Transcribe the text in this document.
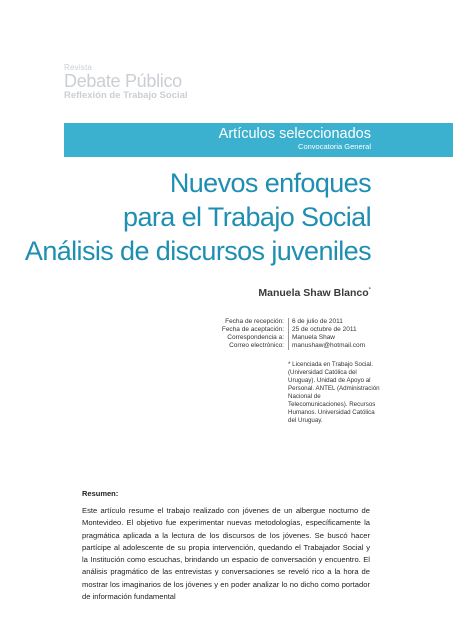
Revista
Debate Público
Reflexión de Trabajo Social
Artículos seleccionados
Convocatoria General
Nuevos enfoques
para el Trabajo Social
Análisis de discursos juveniles
Manuela Shaw Blanco*
Fecha de recepción:	6 de julio de 2011
Fecha de aceptación:	25 de octubre de 2011
Correspondencia a:	Manuela Shaw
Correo electrónico:	manushaw@hotmail.com
* Licenciada en Trabajo Social. (Universidad Católica del Uruguay). Unidad de Apoyo al Personal. ANTEL (Administración Nacional de Telecomunicaciones). Recursos Humanos. Universidad Católica del Uruguay.
Resumen:
Este artículo resume el trabajo realizado con jóvenes de un albergue nocturno de Montevideo. El objetivo fue experimentar nuevas metodologías, específicamente la pragmática aplicada a la lectura de los discursos de los jóvenes. Se buscó hacer partícipe al adolescente de su propia intervención, quedando el Trabajador Social y la Institución como escuchas, brindando un espacio de conversación y encuentro. El análisis pragmático de las entrevistas y conversaciones se reveló rico a la hora de mostrar los imaginarios de los jóvenes y en poder analizar lo no dicho como portador de información fundamental
